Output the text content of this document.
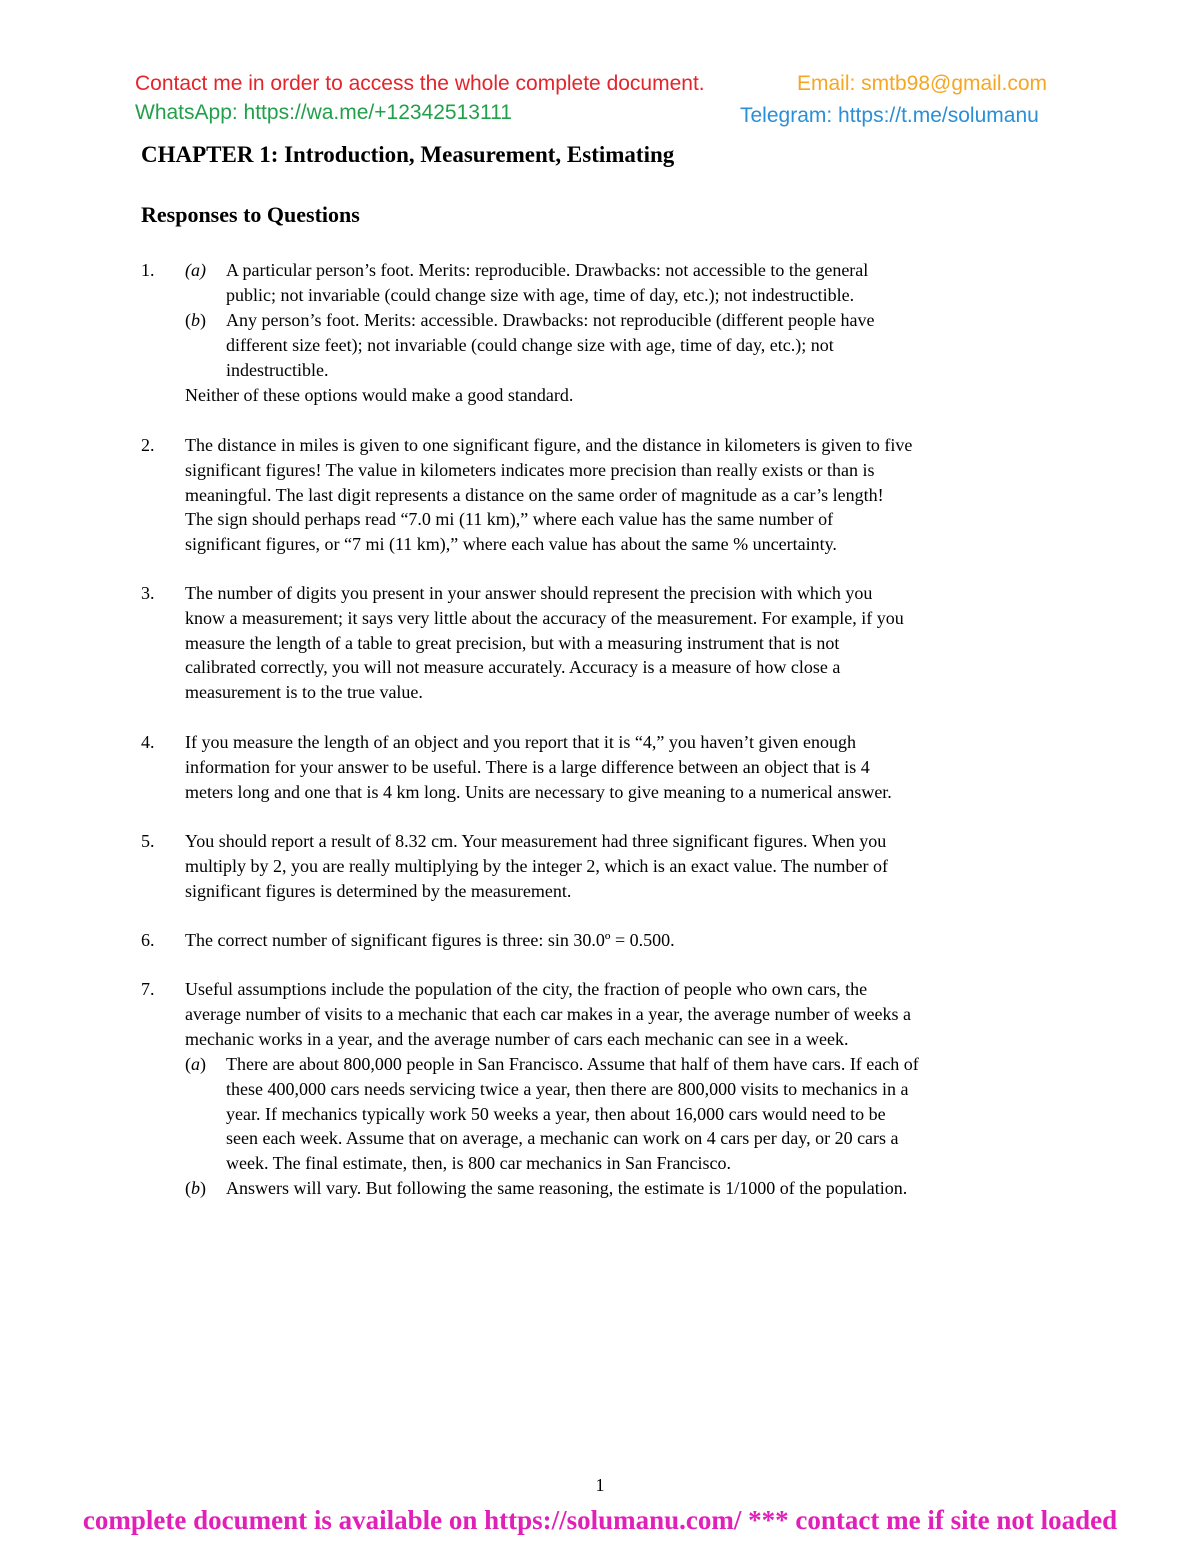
Contact me in order to access the whole complete document.	Email: smtb98@gmail.com
WhatsApp: https://wa.me/+12342513111	Telegram: https://t.me/solumanu
CHAPTER 1: Introduction, Measurement, Estimating
Responses to Questions
1.	(a) A particular person’s foot. Merits: reproducible. Drawbacks: not accessible to the general
public; not invariable (could change size with age, time of day, etc.); not indestructible.
(b) Any person’s foot. Merits: accessible. Drawbacks: not reproducible (different people have
different size feet); not invariable (could change size with age, time of day, etc.); not
indestructible.
Neither of these options would make a good standard.
2.	The distance in miles is given to one significant figure, and the distance in kilometers is given to five
significant figures! The value in kilometers indicates more precision than really exists or than is
meaningful. The last digit represents a distance on the same order of magnitude as a car’s length!
The sign should perhaps read “7.0 mi (11 km),” where each value has the same number of
significant figures, or “7 mi (11 km),” where each value has about the same % uncertainty.
3.	The number of digits you present in your answer should represent the precision with which you
know a measurement; it says very little about the accuracy of the measurement. For example, if you
measure the length of a table to great precision, but with a measuring instrument that is not
calibrated correctly, you will not measure accurately. Accuracy is a measure of how close a
measurement is to the true value.
4.	If you measure the length of an object and you report that it is “4,” you haven’t given enough
information for your answer to be useful. There is a large difference between an object that is 4
meters long and one that is 4 km long. Units are necessary to give meaning to a numerical answer.
5.	You should report a result of 8.32 cm. Your measurement had three significant figures. When you
multiply by 2, you are really multiplying by the integer 2, which is an exact value. The number of
significant figures is determined by the measurement.
6.	The correct number of significant figures is three: sin 30.0º = 0.500.
7.	Useful assumptions include the population of the city, the fraction of people who own cars, the
average number of visits to a mechanic that each car makes in a year, the average number of weeks a
mechanic works in a year, and the average number of cars each mechanic can see in a week.
(a) There are about 800,000 people in San Francisco. Assume that half of them have cars. If each of
these 400,000 cars needs servicing twice a year, then there are 800,000 visits to mechanics in a
year. If mechanics typically work 50 weeks a year, then about 16,000 cars would need to be
seen each week. Assume that on average, a mechanic can work on 4 cars per day, or 20 cars a
week. The final estimate, then, is 800 car mechanics in San Francisco.
(b) Answers will vary. But following the same reasoning, the estimate is 1/1000 of the population.
1
complete document is available on https://solumanu.com/ *** contact me if site not loaded
